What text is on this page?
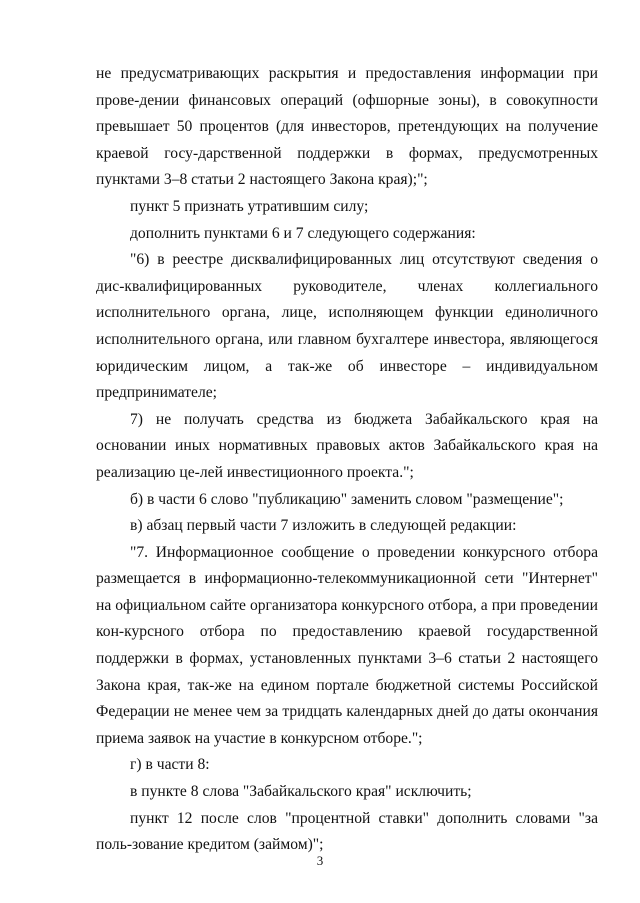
не предусматривающих раскрытия и предоставления информации при прове-дении финансовых операций (офшорные зоны), в совокупности превышает 50 процентов (для инвесторов, претендующих на получение краевой госу-дарственной поддержки в формах, предусмотренных пунктами 3–8 статьи 2 настоящего Закона края);";

пункт 5 признать утратившим силу;

дополнить пунктами 6 и 7 следующего содержания:

"6) в реестре дисквалифицированных лиц отсутствуют сведения о дис-квалифицированных руководителе, членах коллегиального исполнительного органа, лице, исполняющем функции единоличного исполнительного органа, или главном бухгалтере инвестора, являющегося юридическим лицом, а так-же об инвесторе – индивидуальном предпринимателе;

7) не получать средства из бюджета Забайкальского края на основании иных нормативных правовых актов Забайкальского края на реализацию це-лей инвестиционного проекта.";

б) в части 6 слово "публикацию" заменить словом "размещение";

в) абзац первый части 7 изложить в следующей редакции:

"7. Информационное сообщение о проведении конкурсного отбора размещается в информационно-телекоммуникационной сети "Интернет" на официальном сайте организатора конкурсного отбора, а при проведении кон-курсного отбора по предоставлению краевой государственной поддержки в формах, установленных пунктами 3–6 статьи 2 настоящего Закона края, так-же на едином портале бюджетной системы Российской Федерации не менее чем за тридцать календарных дней до даты окончания приема заявок на участие в конкурсном отборе.";

г) в части 8:

в пункте 8 слова "Забайкальского края" исключить;

пункт 12 после слов "процентной ставки" дополнить словами "за поль-зование кредитом (займом)";

3
